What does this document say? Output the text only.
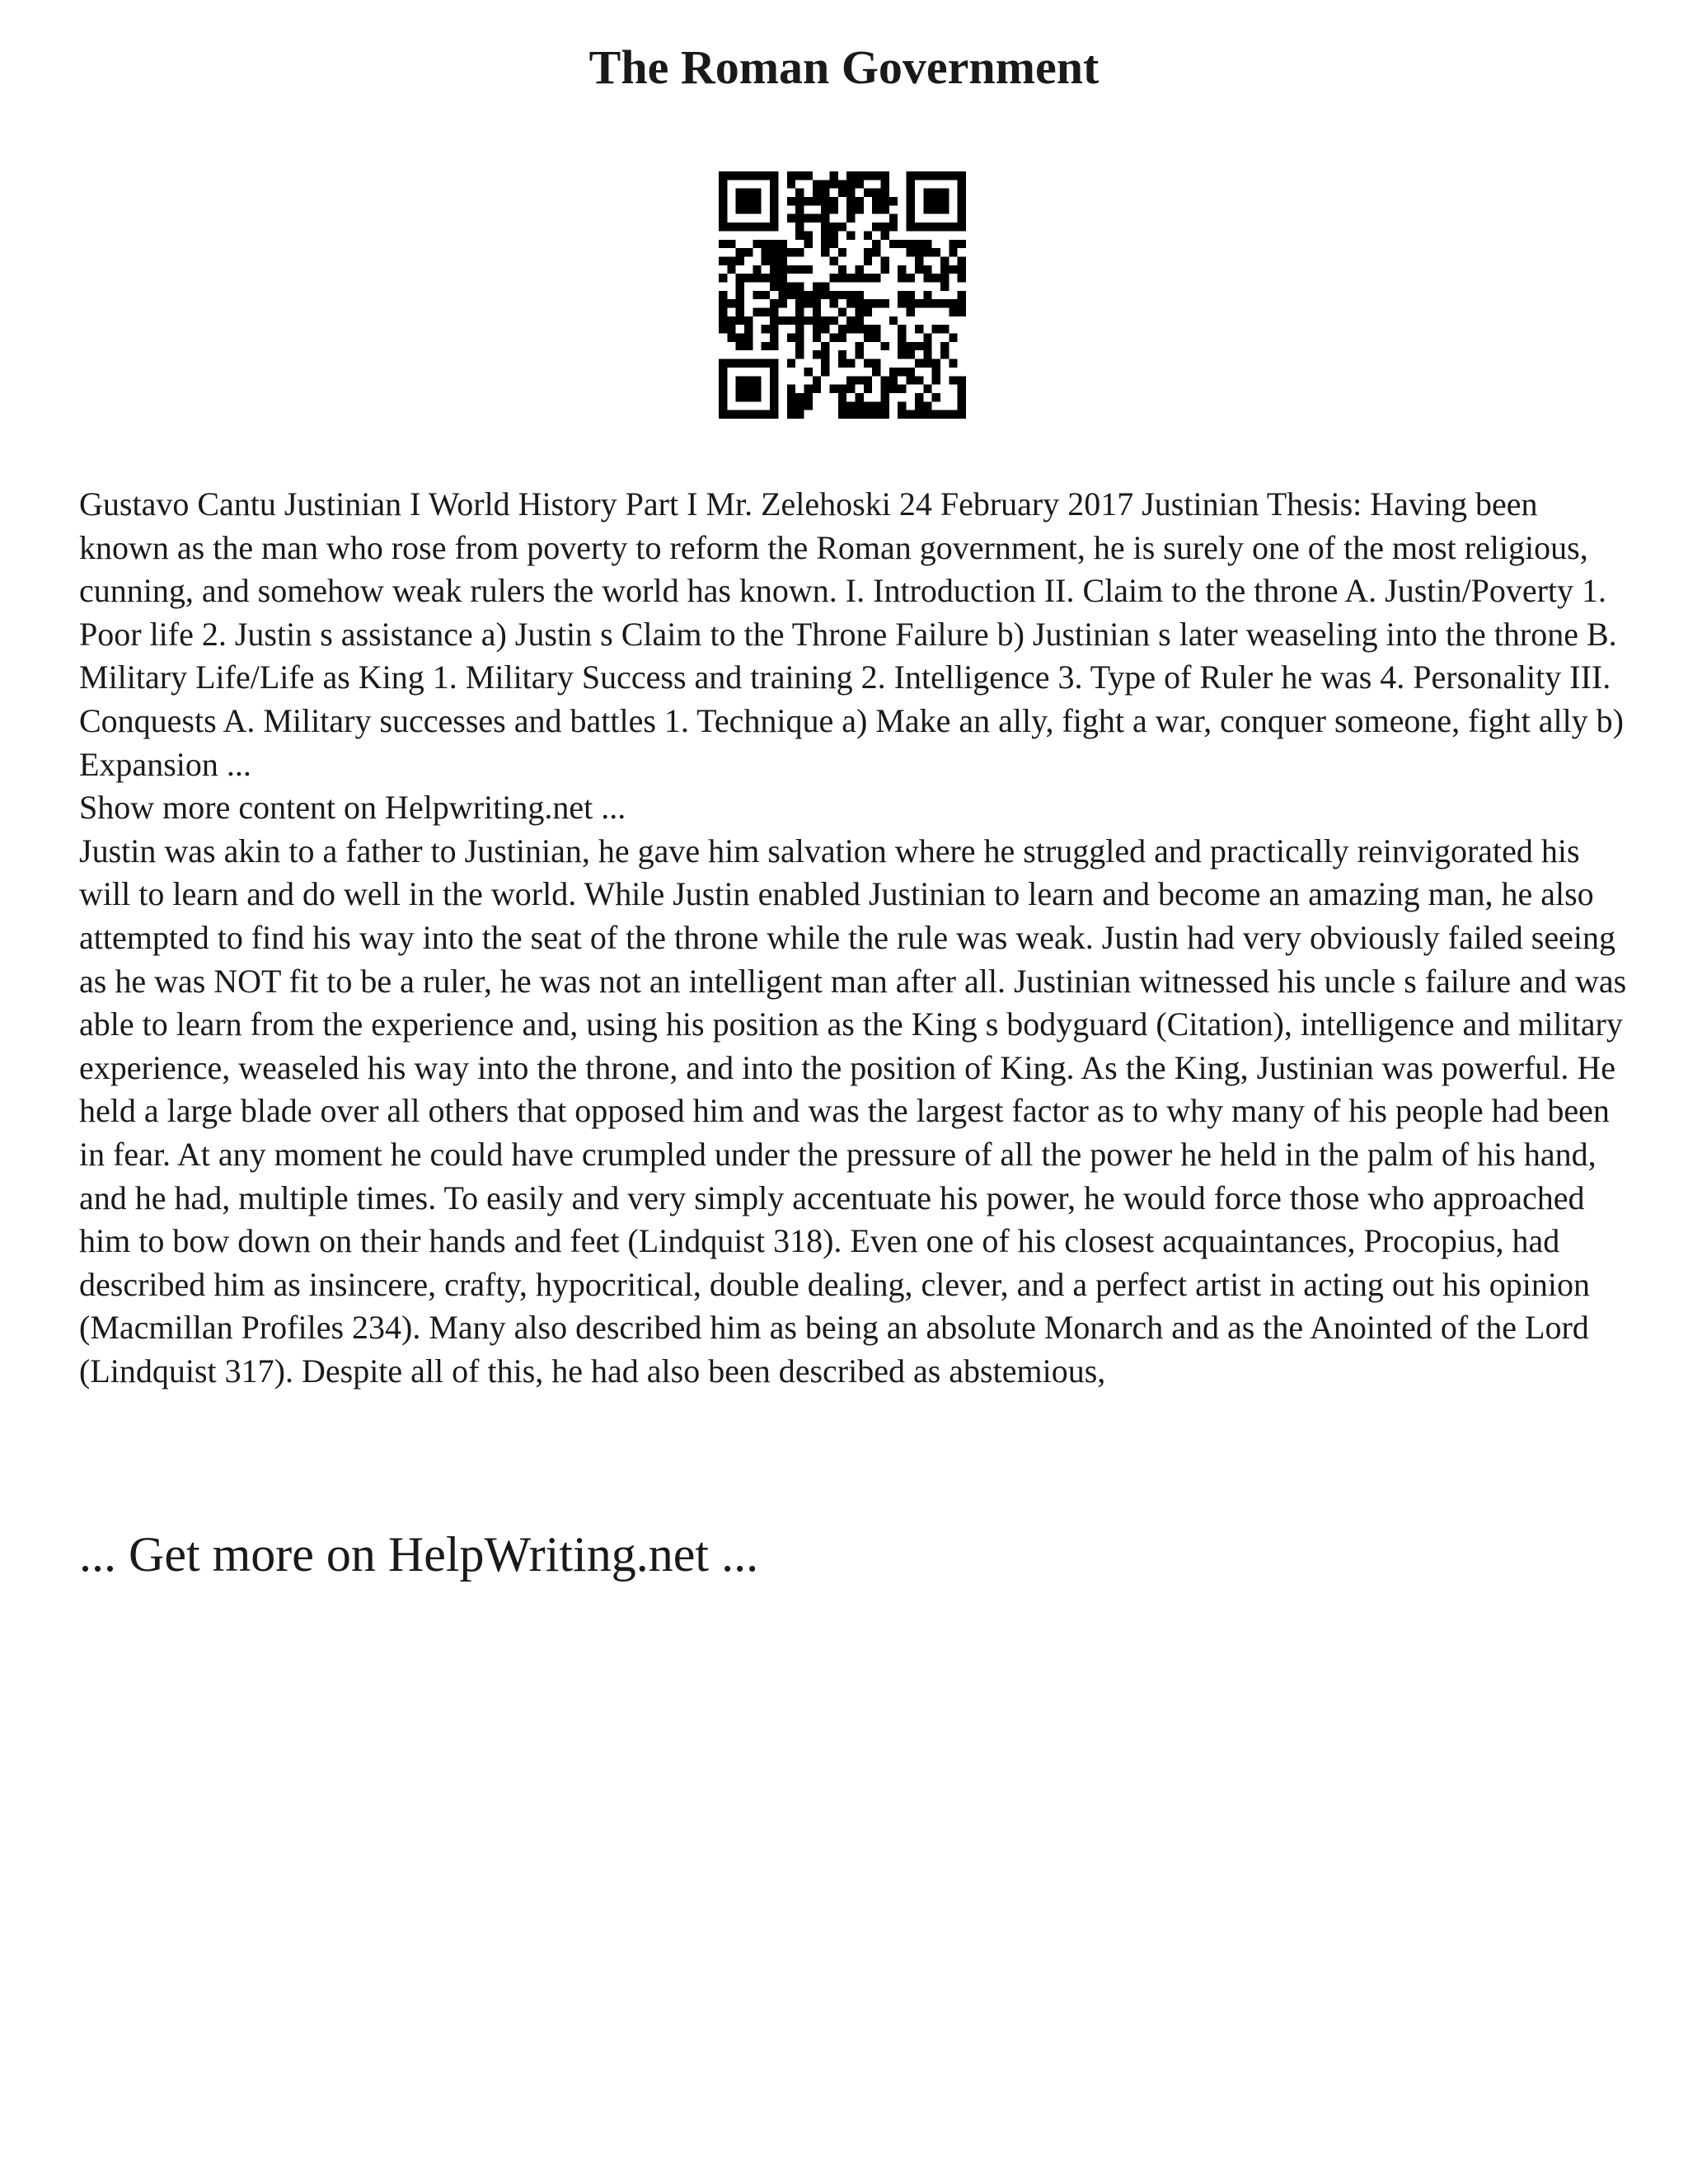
The Roman Government

Gustavo Cantu Justinian I World History Part I Mr. Zelehoski 24 February 2017 Justinian Thesis: Having been known as the man who rose from poverty to reform the Roman government, he is surely one of the most religious, cunning, and somehow weak rulers the world has known. I. Introduction II. Claim to the throne A. Justin/Poverty 1. Poor life 2. Justin s assistance a) Justin s Claim to the Throne Failure b) Justinian s later weaseling into the throne B. Military Life/Life as King 1. Military Success and training 2. Intelligence 3. Type of Ruler he was 4. Personality III. Conquests A. Military successes and battles 1. Technique a) Make an ally, fight a war, conquer someone, fight ally b) Expansion ...

Show more content on Helpwriting.net ...

Justin was akin to a father to Justinian, he gave him salvation where he struggled and practically reinvigorated his will to learn and do well in the world. While Justin enabled Justinian to learn and become an amazing man, he also attempted to find his way into the seat of the throne while the rule was weak. Justin had very obviously failed seeing as he was NOT fit to be a ruler, he was not an intelligent man after all. Justinian witnessed his uncle s failure and was able to learn from the experience and, using his position as the King s bodyguard (Citation), intelligence and military experience, weaseled his way into the throne, and into the position of King. As the King, Justinian was powerful. He held a large blade over all others that opposed him and was the largest factor as to why many of his people had been in fear. At any moment he could have crumpled under the pressure of all the power he held in the palm of his hand, and he had, multiple times. To easily and very simply accentuate his power, he would force those who approached him to bow down on their hands and feet (Lindquist 318). Even one of his closest acquaintances, Procopius, had described him as insincere, crafty, hypocritical, double dealing, clever, and a perfect artist in acting out his opinion (Macmillan Profiles 234). Many also described him as being an absolute Monarch and as the Anointed of the Lord (Lindquist 317). Despite all of this, he had also been described as abstemious,

... Get more on HelpWriting.net ...
